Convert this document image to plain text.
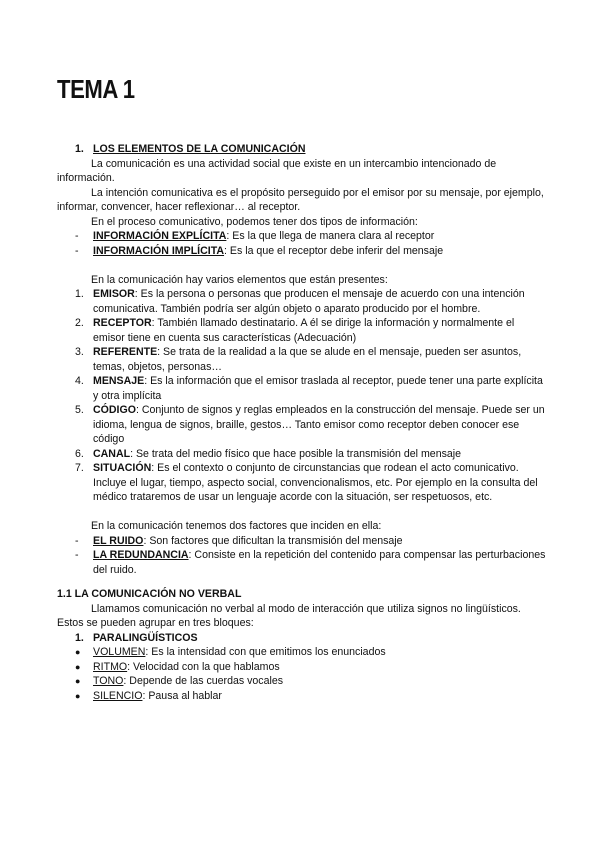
TEMA 1
1. LOS ELEMENTOS DE LA COMUNICACIÓN
La comunicación es una actividad social que existe en un intercambio intencionado de información.
La intención comunicativa es el propósito perseguido por el emisor por su mensaje, por ejemplo, informar, convencer, hacer reflexionar… al receptor.
En el proceso comunicativo, podemos tener dos tipos de información:
- INFORMACIÓN EXPLÍCITA: Es la que llega de manera clara al receptor
- INFORMACIÓN IMPLÍCITA: Es la que el receptor debe inferir del mensaje
En la comunicación hay varios elementos que están presentes:
1. EMISOR: Es la persona o personas que producen el mensaje de acuerdo con una intención comunicativa. También podría ser algún objeto o aparato producido por el hombre.
2. RECEPTOR: También llamado destinatario. A él se dirige la información y normalmente el emisor tiene en cuenta sus características (Adecuación)
3. REFERENTE: Se trata de la realidad a la que se alude en el mensaje, pueden ser asuntos, temas, objetos, personas…
4. MENSAJE: Es la información que el emisor traslada al receptor, puede tener una parte explícita y otra implícita
5. CÓDIGO: Conjunto de signos y reglas empleados en la construcción del mensaje. Puede ser un idioma, lengua de signos, braille, gestos… Tanto emisor como receptor deben conocer ese código
6. CANAL: Se trata del medio físico que hace posible la transmisión del mensaje
7. SITUACIÓN: Es el contexto o conjunto de circunstancias que rodean el acto comunicativo. Incluye el lugar, tiempo, aspecto social, convencionalismos, etc. Por ejemplo en la consulta del médico trataremos de usar un lenguaje acorde con la situación, ser respetuosos, etc.
En la comunicación tenemos dos factores que inciden en ella:
- EL RUIDO: Son factores que dificultan la transmisión del mensaje
- LA REDUNDANCIA: Consiste en la repetición del contenido para compensar las perturbaciones del ruido.
1.1 LA COMUNICACIÓN NO VERBAL
Llamamos comunicación no verbal al modo de interacción que utiliza signos no lingüísticos. Estos se pueden agrupar en tres bloques:
1. PARALINGÜÍSTICOS
● VOLUMEN: Es la intensidad con que emitimos los enunciados
● RITMO: Velocidad con la que hablamos
● TONO: Depende de las cuerdas vocales
● SILENCIO: Pausa al hablar
